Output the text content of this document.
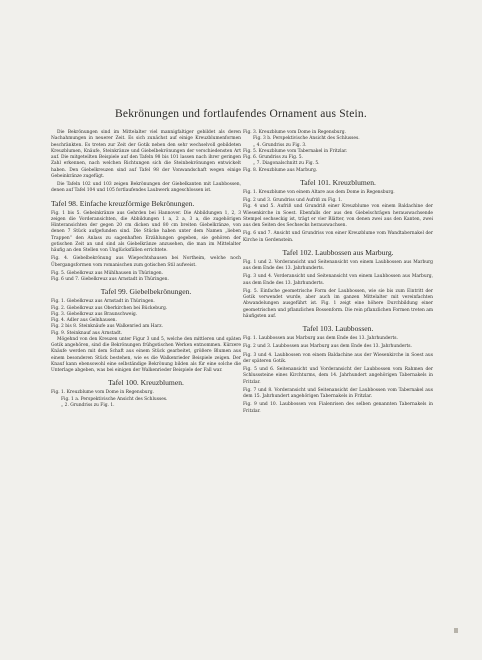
Bekrönungen und fortlaufendes Ornament aus Stein.

Die Bekrönungen sind im Mittelalter viel mannigfaltiger gebildet als deren Nachahmungen in neuerer Zeit. Es sich zunächst auf einige Kreuzblumenformen beschränkten. Es treten zur Zeit der Gotik neben den sehr wechselvoll gebildeten Kreuzblumen, Knäufe, Steinkränze und Giebelbekrönungen der verschiedensten Art auf. Die mitgeteilten Beispiele auf den Tafeln 98 bis 101 lassen nach ihrer geringen Zahl erkennen, nach welchen Richtungen sich die Steinbekrönungen entwickelt haben. Den Giebelkreuzen sind auf Tafel 98 der Vonwandschaft wegen einige Gebeinkränze zugefügt.

Die Tafeln 102 und 103 zeigen Bekrönungen der Giebelkanten mit Laubbossen, denen auf Tafel 104 und 105 fortlaufendes Laubwerk angeschlossen ist.

Tafel 98. Einfache kreuzförmige Bekrönungen.

Fig. 1 bis 5. Gebeinkränze aus Gehrden bei Hannover. Die Abbildungen 1, 2, 3 zeigen die Vorderansichten, die Abbildungen 1 a, 2 a, 3 a, die zugehörigen Hinteransichten der gegen 20 cm dicken und 80 cm breiten Giebelkränze, von denen 7 Stück aufgefunden sind. Die Stücke haben unter dem Namen „lieben Trappen“ den Anlass zu sagenhaften Erzählungen gegeben, sie gehören der gotischen Zeit an und sind als Giebelkränze anzusehen, die man im Mittelalter häufig an den Stellen von Unglücksfällen errichtete.

Fig. 4. Giebelbekrönung aus Wiepechtshausen bei Northeim, welche noch Übergangsformen vom romanischen zum gotischen Stil aufweist.

Fig. 5. Giebelkreuz aus Mühlhausen in Thüringen.

Fig. 6 und 7. Giebelkreuz aus Arnstadt in Thüringen.

Tafel 99. Giebelbekrönungen.

Fig. 1. Giebelkreuz aus Arnstadt in Thüringen.

Fig. 2. Giebelkreuz aus Oberkirchen bei Bückeburg.

Fig. 3. Giebelkreuz aus Braunschweig.

Fig. 4. Adler aus Gelnhausen.

Fig. 2 bis 8. Steinknäufe aus Walkenried am Harz.

Fig. 9. Steinknauf aus Arnstadt.

Mögehnd von den Kreuzen unter Figur 3 und 5, welche den mittleren und späten Gotik angehören, sind die Bekrönungen frühgotischen Werken entnommen. Kürzere Knäufe werden mit dem Schaft aus einem Stück gearbeitet, größere Blumen aus einem besonderen Stück bestehen, wie es die Walkenrieder Beispiele zeigen. Der Knauf kann ebensowohl eine selbständige Bekrönung bilden als für eine solche die Unterlage abgeben, was bei einigen der Walkenrieder Beispiele der Fall war.

Tafel 100. Kreuzblumen.

Fig. 1. Kreuzblume vom Dome in Regensburg.

Fig. 1 a. Perspektivische Ansicht des Schlusses.

„ 2. Grundriss zu Fig. 1.

Fig. 3. Kreuzblume vom Dome in Regensburg.

Fig. 3 b. Perspektivische Ansicht des Schlusses.

„ 4. Grundriss zu Fig. 3.

Fig. 5. Kreuzblume vom Tabernakel in Fritzlar.

Fig. 6. Grundriss zu Fig. 5.

„ 7. Diagonalschnitt zu Fig. 5.

Fig. 8. Kreuzblume aus Marburg.

Tafel 101. Kreuzblumen.

Fig. 1. Kreuzblume von einem Altare aus dem Dome in Regensburg.

Fig. 2 und 3. Grundriss und Aufriß zu Fig. 1.

Fig. 4 und 5. Aufriß und Grundriß einer Kreuzblume von einem Baldachine der Wiesenkirche in Soest. Ebenfalls der aus den Giebelschrägen herauswachsende Stempel sechseckig ist, trägt er vier Blätter, von denen zwei aus den Kanten, zwei aus den Seiten des Sechsecks herauswachsen.

Fig. 6 und 7. Ansicht und Grundriss von einer Kreuzblume vom Wandtabernakel der Kirche in Gerdenstein.

Tafel 102. Laubbossen aus Marburg.

Fig. 1 und 2. Vorderansicht und Seitenansicht von einem Laubbossen aus Marburg aus dem Ende des 13. Jahrhunderts.

Fig. 3 und 4. Vorderansicht und Seitenansicht von einem Laubbossen aus Marburg, aus dem Ende des 13. Jahrhunderts.

Fig. 5. Einfache geometrische Form der Laubbossen, wie sie bis zum Eintritt der Gotik verwendet wurde, aber auch im ganzen Mittelalter mit vereinfachten Abwandelungen ausgeführt ist. Fig. 1 zeigt eine höhere Durchbildung einer geometrischen und pflanzlichen Bossenform. Die rein pflanzlichen Formen treten am häufigsten auf.

Tafel 103. Laubbossen.

Fig. 1. Laubbossen aus Marburg aus dem Ende des 13. Jahrhunderts.

Fig. 2 und 3. Laubbossen aus Marburg aus dem Ende des 13. Jahrhunderts.

Fig. 3 und 4. Laubbossen von einem Baldachine aus der Wiesenkirche in Soest aus der späteren Gotik.

Fig. 5 und 6. Seitenansicht und Vorderansicht der Laubbossen vom Rahmen der Schlusssteine eines Kirchturms, dem 14. Jahrhundert angehörigen Tabernakels in Fritzlar.

Fig. 7 und 8. Vorderansicht und Seitenansicht der Laubbossen vom Tabernakel aus dem 15. Jahrhundert angehörigen Tabernakels in Fritzlar.

Fig. 9 und 10. Laubbossen von Fialenrisen des selben genannten Tabernakels in Fritzlar.
